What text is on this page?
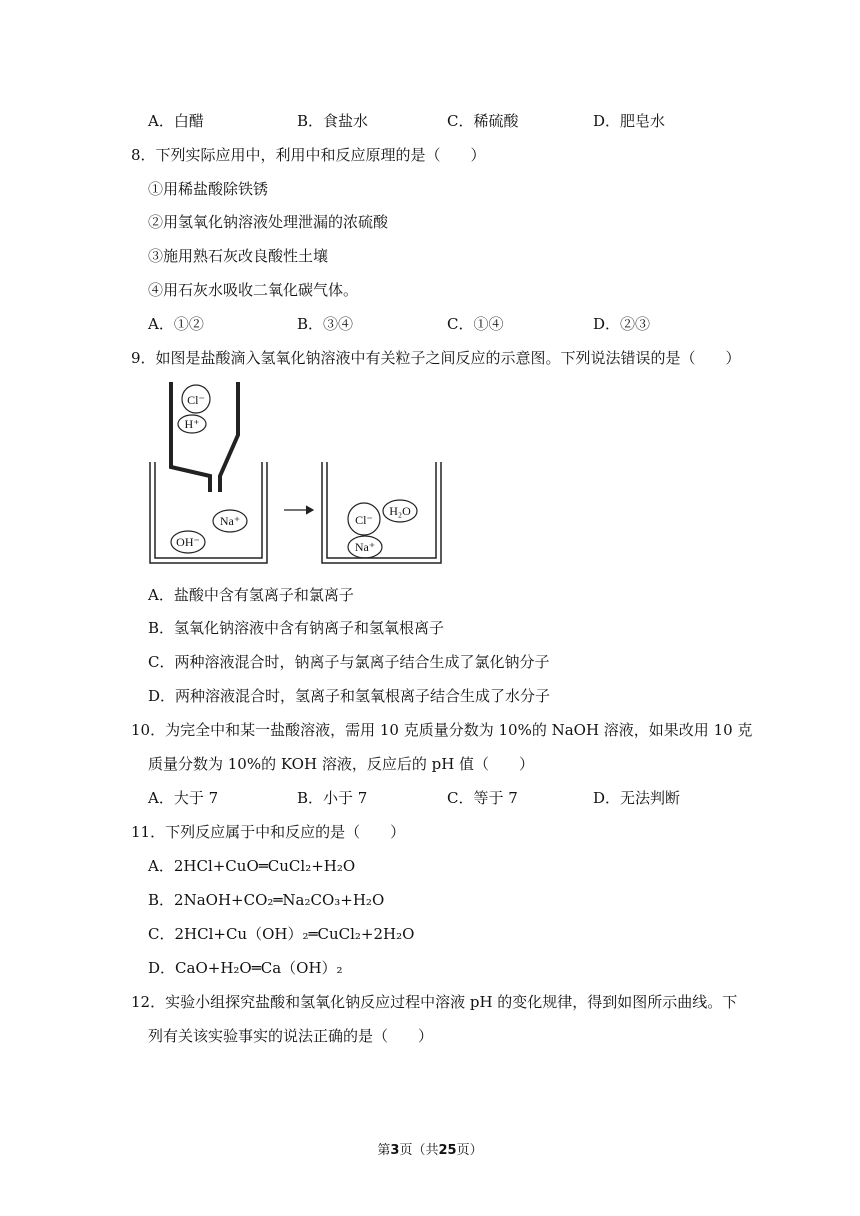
A．白醋	B．食盐水	C．稀硫酸	D．肥皂水
8．下列实际应用中，利用中和反应原理的是（　　）
①用稀盐酸除铁锈
②用氢氧化钠溶液处理泄漏的浓硫酸
③施用熟石灰改良酸性土壤
④用石灰水吸收二氧化碳气体。
A．①②	B．③④	C．①④	D．②③
9．如图是盐酸滴入氢氧化钠溶液中有关粒子之间反应的示意图。下列说法错误的是（　　）
Cl⁻
H⁺
Na⁺
OH⁻
Cl⁻
H₂O
Na⁺
A．盐酸中含有氢离子和氯离子
B．氢氧化钠溶液中含有钠离子和氢氧根离子
C．两种溶液混合时，钠离子与氯离子结合生成了氯化钠分子
D．两种溶液混合时，氢离子和氢氧根离子结合生成了水分子
10．为完全中和某一盐酸溶液，需用 10 克质量分数为 10%的 NaOH 溶液，如果改用 10 克
质量分数为 10%的 KOH 溶液，反应后的 pH 值（　　）
A．大于 7	B．小于 7	C．等于 7	D．无法判断
11．下列反应属于中和反应的是（　　）
A．2HCl+CuO═CuCl₂+H₂O
B．2NaOH+CO₂═Na₂CO₃+H₂O
C．2HCl+Cu（OH）₂═CuCl₂+2H₂O
D．CaO+H₂O═Ca（OH）₂
12．实验小组探究盐酸和氢氧化钠反应过程中溶液 pH 的变化规律，得到如图所示曲线。下
列有关该实验事实的说法正确的是（　　）
第3页（共25页）
